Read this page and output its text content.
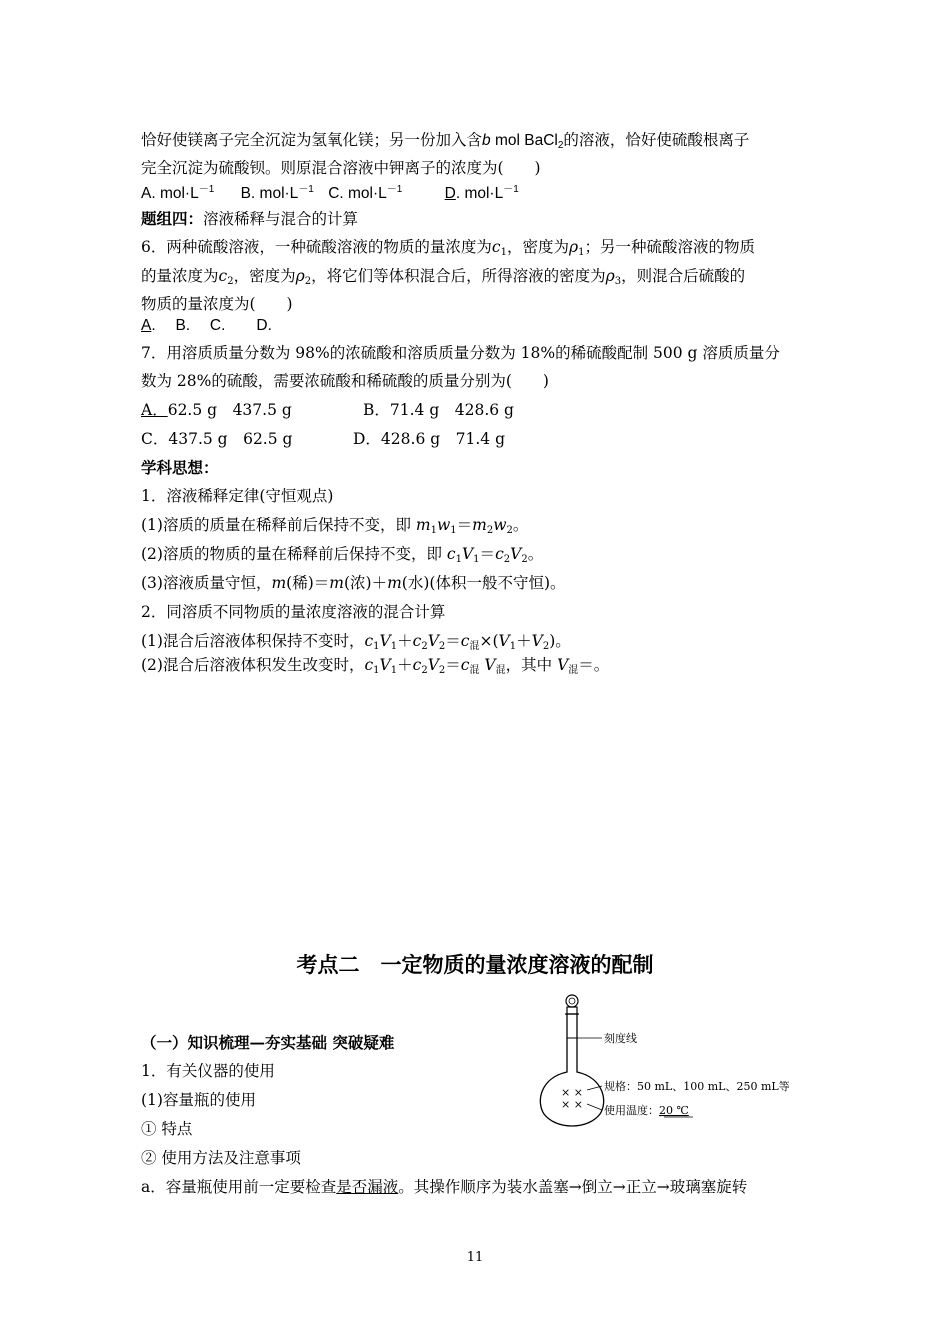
恰好使镁离子完全沉淀为氢氧化镁；另一份加入含b mol BaCl$_2$的溶液，恰好使硫酸根离子
完全沉淀为硫酸钡。则原混合溶液中钾离子的浓度为(　　)
A. $mol\cdot L^{-1}$ B. $mol\cdot L^{-1}$ C. $mol\cdot L^{-1}$	D. $mol\cdot L^{-1}$
题组四：溶液稀释与混合的计算
6．两种硫酸溶液，一种硫酸溶液的物质的量浓度为$c_1$，密度为$\rho_1$；另一种硫酸溶液的物质
的量浓度为$c_2$，密度为$\rho_2$，将它们等体积混合后，所得溶液的密度为$\rho_3$，则混合后硫酸的
物质的量浓度为(　　)
A.　 B.　 C.　　D.
7．用溶质质量分数为 98%的浓硫酸和溶质质量分数为 18%的稀硫酸配制 500 g 溶质质量分
数为 28%的硫酸，需要浓硫酸和稀硫酸的质量分别为(　　)
A．62.5 g　437.5 g	B．71.4 g　428.6 g
C．437.5 g　62.5 g	D．428.6 g　71.4 g
学科思想：
1．溶液稀释定律(守恒观点)
(1)溶质的质量在稀释前后保持不变，即 $m_1w_1=m_2w_2$。
(2)溶质的物质的量在稀释前后保持不变，即 $c_1V_1=c_2V_2$。
(3)溶液质量守恒，m(稀)＝m(浓)＋m(水)(体积一般不守恒)。
2．同溶质不同物质的量浓度溶液的混合计算
(1)混合后溶液体积保持不变时，$c_1V_1+c_2V_2=c_混\times(V_1+V_2)$。
(2)混合后溶液体积发生改变时，$c_1V_1+c_2V_2=c_混$ $V_混$，其中 $V_混=$。
考点二　一定物质的量浓度溶液的配制
（一）知识梳理—夯实基础 突破疑难
1．有关仪器的使用
(1)容量瓶的使用
① 特点
② 使用方法及注意事项
a．容量瓶使用前一定要检查是否漏液。其操作顺序为装水盖塞→倒立→正立→玻璃塞旋转
× ×
× ×
刻度线
规格：50 mL、100 mL、250 mL等
使用温度：20 ℃
11
